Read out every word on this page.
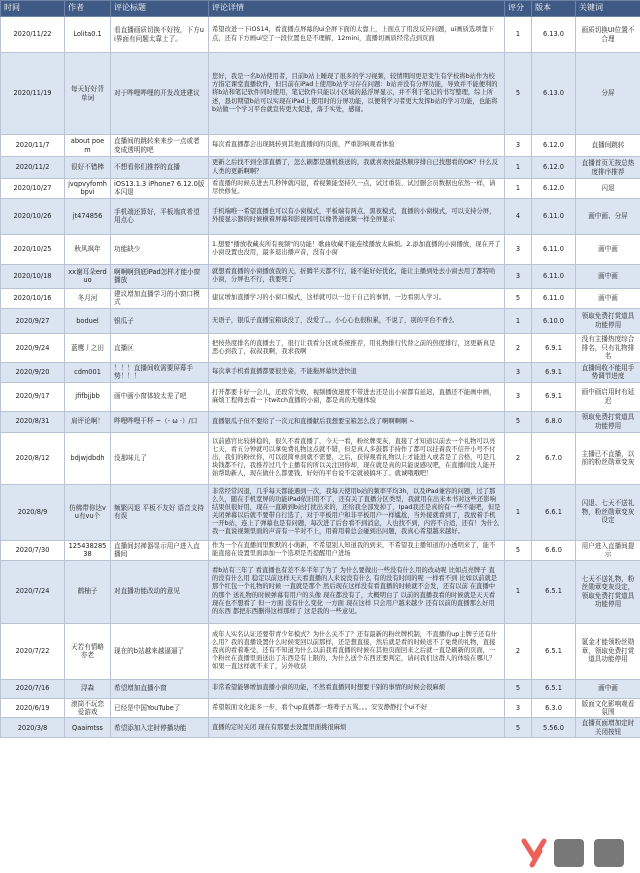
时间	作者	评论标题	评论详情	评分	版本	关键词
2020/11/22	Lolita0.1	看直播画质切换不好按，下方ui界面有问题太靠上了。	希望改进一下iOS14，看直播点屏幕的ui全屏下面的太靠上，上面点了用没反应问题，ui画质选项靠下点，还有下方画ui空了一段位置也是不理解，12mini，直播切画质经常点到页面	1	6.13.0	画质切换UI位置不合理
2020/11/19	每天好好背单词	对于哔哩哔哩的开发改进建议	您好，我是一名b站使用者，目前b站上睡现了很多的学习视频，较情期间更是变生有学校将b站作为校方指定课堂直播软件，但目前在iPad上使用b站学习存在问题：b站并没有分屏功能，导致并不能便利的将b站和笔记软件同时使用，笔记软件只能以小区域的悬浮屏显示，并不利于笔记的书写整理，综上所述，恳切期望b站可以实现在iPad上使用时的分屏功能，以便利学习者更大发挥b站的学习功能，也能将b站做一个学习平台就宣传更大促进，落于实处，感谢。	5	6.13.0	分屏
2020/11/7	about poem	直播间的跳转来来步一点或者变成透明的吧	每次看直播都会出现跳转到其他直播间的页面，严重影响观看体验	3	6.12.0	直播间跳转
2020/11/2	很好不错棒	不想看你们推荐的直播	更新之后找不到全部直播了，怎么刷都是随机推送的，我就喜欢按最热顺序排自已找想看的OK？什么反人类的更新啊啊？	1	6.12.0	直播首页无按总热度排序推荐
2020/10/27	jvqpvyfomhbpvi	iOS13.1.3 iPhone7 6.12.0版本闪退	看直播的时候点进去几秒钟就闪退，看视频能坚持久一点，试过重装、试过删会员数据也依然一样，请尽快修复。	1	6.12.0	闪退
2020/10/26	jt474856	手机端还算好，平板端真希望用点心	手机端唯一希望直播也可以有小窗模式，平板端有两点，黑夜模式，直播的小窗模式，可以支持分屏，外接显示器的时候横着屏幕和影视园可以像普通视频一样全屏显示	4	6.11.0	画中画、分屏
2020/10/25	秋风飒年	功能缺少	1.想要"播放收藏夹所有视频"的功能！歌曲收藏不能连续播放太麻烦。2.添加直播的小窗播放，现在开了小窗设置也没用，最多退出播声音，没有小窗	3	6.11.0	画中画
2020/10/18	xx谢耳朵erduo	啊啊啊到底iPad怎样才能小窗播放	就想看直播的小窗播放我的天，折腾半天都不行，能不能好好优化，能让主播到处去小窗去用了都特哈小窗，分屏也不行，我要死了	3	6.11.0	画中画
2020/10/16	冬月河	建议增加直播学习的小窗口模式	建议增加直播学习的小窗口模式，这样就可以一边干自己的事情，一边看别人学习。	5	6.11.0	画中画
2020/9/27	boduel	银瓜子	无语子，银瓜子直播宝箱谈没了，没爱了。。小心心也很积累，不说了，别的平台不香么	1	6.10.0	领取免费打赏道具功能停用
2020/9/24	蓝鹰丿之田	直播区	把按热度排名的直播去了，很行让我看分区或系统推荐，用礼物排行代替之前的热度排行，这更新真是恶心到我了，叔叔我啊，我求我啊	2	6.9.1	没有主播热度综合排名，只有礼物排名
2020/9/20	cdm001	！！！直播间收需要屏幕手势！！！	每次拿手机看直播都要很坐姿，不能拖屏幕快进快退	3	6.9.1	直播间收不能用手势调节进度
2020/9/17	jfifbjjbb	画中画小窗体较太差了吧	打开都要卡好一会儿，还段常失败，视频播放速度不带进去还是出小窗都有延迟，直播还不能画中画，麻烦工程师去看一下twitch直播的小窗，都是真的无继体验	3	6.9.1	画中画启用时有延迟
2020/8/31	肩评论啊！	哔哩哔哩干杯 ~（- ω ·）/口	直播银瓜子但不要给了一次元和直播献后我想要宝箱怎么没了啊啊啊啊 ~	5	6.8.0	领取免费打赏道具功能停用
2020/8/12	bdjwjdbdh	没那味儿了	以前感官比较拼稳的，很久不看直播了，今天一看，粉丝牌变灰，直接了才知道以前去一个礼物可以亮七天，看五分钟就可以拿免费礼物这点就不错，但是真人多鼓都手持作了都可以挂着我不信开小号不付出，我们的粉丝你，可以很简单到就不需要，之后，获得观看礼物以上才能进入或者是了合格，可是几块钱都不行，我推荐过几个主播有的所以关注回你却，现在就是真的只能说感叹吧，在直播间没人能开始帮助新人，现在做什么都要钱，好好的平台说不定就被搞坏了。就诚哦哦吧！	2	6.7.0	主播已不直播，以前的粉丝勋章变灰
2020/8/9	仿佛带你达vu有vu个	频繁闪退 平板不友好 语音支持有误	非常经常闪退，几乎每天都能遇到一次，我每天使用b站的频率平均3h，以及iPad兼容的问题，过了那么久，随在手机宽屏的功能iPad依旧用不了，还有关了直播分区类型，我就用在出来本书对这些还影响结果但很好用，现在一直刷到b站打扰出来的，还给我全部发掉了，Ipad我还是真的有一些不能吧，但是关闭弹幕以后就不要带自行选了，对于平板用户和非平板用户一样尴尬，当外接就看到了，我放着手机一开b站，连上了弹幕也是有问题，每次进了后台看不到消息，人也找不到，内容不合适，还有！为什么我一直说视频里面的声音有一半对不上，用着用着总会碰到出问题，我真心希望越来越好。	1	6.6.1	闪退、七天不送礼物，粉丝勋章变灰设定
2020/7/30	12543828538	直播间封禅器显示用户进入直播间	作为一个在直播间里默默的小萌新，不希望别人知道我的到来，不希望我主播知道的小透明来了，能不能直接在设置里面添加一个选项是否提醒用户进场	5	6.6.0	用户进入直播间提示
2020/7/24	鹤柚子	对直播功能改动的意见	看b站有三年了 看直播也有差不多半年了为了 为什么要做出一些没有什么用的改动呢 比如点亮牌子 直的没有什么用 稳定以前这样天天看直播的人来说没有什么 有的没有时间的呢 一样看不到 比如以前就是那个红包一个礼物的时候 一直就是那个 然后现在这样没有看直播的时候就不会发，还有以前 在直播中的那个 送礼物的时候弹幕有用户的头像 现在都没有了，大概明白了 以前的直播我看的时候就是天天看 现在也不想看了 但一方面 没有什么变化 一方面 现在这样 只会用户越来越少 还有以前的直播那么好用的东西 都把东西删得这样那样了 这是我的一些意见。	1	6.5.1	七天不送礼物，粉丝勋章变灰设定，领取免费打赏道具功能停用
2020/7/22	天若有情略亦老	现在的b站越来越逼逼了	成年人实名认证还要带青少年模式？为什么关不了？还有最新的粉丝牌机制，不直播的up主牌子还有什么用？我的直播设置什么时候变回以前那样，还是想直接，然后就是看的时候送不了免费的礼物，直接我真的看着难受，还有不知道为什么以前我看直播的时候在其他页面回来之后就一直是刷新的页面，一个粉丝在直播里面送出了东西是有上限的，为什么送个东西还要判定，请问我们这群人的体验在哪儿？如果一直这样就不来了，另外收获	2	6.5.1	氪金才能领粉丝勋章，领取免费打赏道具功能停用
2020/7/16	浔森	希望增加直播小窗	非常希望能够增加直播小窗的功能，不然看直播同时想要干别的事情的时候会很麻烦	5	6.5.1	画中画
2020/6/19	滚筒不玩恋爱游戏	已经是中国YouTube了	希望版面文化能多一步，看个up直播都一堆哔子五骂。。。安安静静打个ui不好	3	6.3.0	版面文化影响观看氛围
2020/3/8	Qaaimtss	希望添加入定时停播功能	直播的定时关闭 现在有那要去设置里面挑很麻烦	5	5.56.0	直播页面增加定时关闭按钮
